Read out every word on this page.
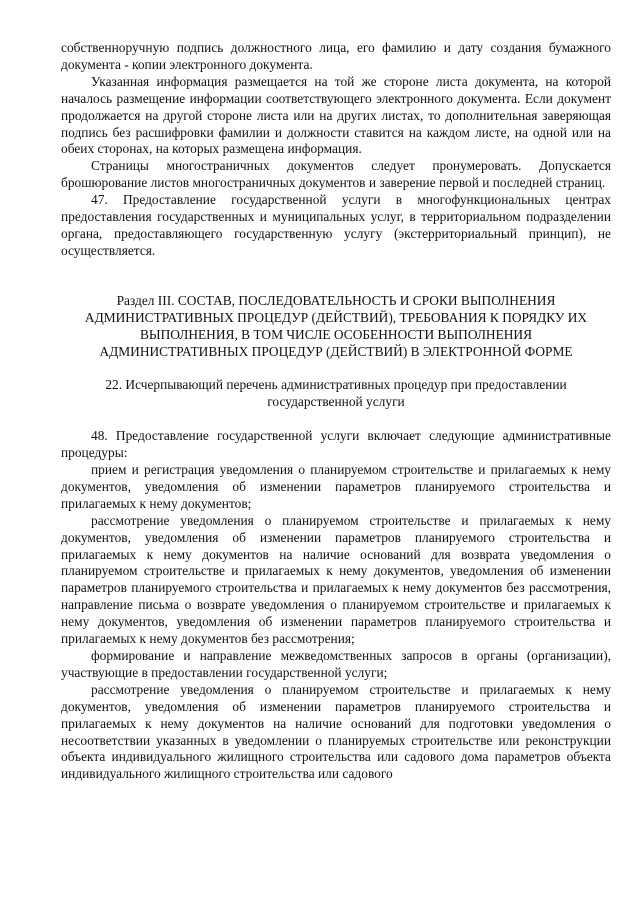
собственноручную подпись должностного лица, его фамилию и дату создания бумажного документа - копии электронного документа.

Указанная информация размещается на той же стороне листа документа, на которой началось размещение информации соответствующего электронного документа. Если документ продолжается на другой стороне листа или на других листах, то дополнительная заверяющая подпись без расшифровки фамилии и должности ставится на каждом листе, на одной или на обеих сторонах, на которых размещена информация.

Страницы многостраничных документов следует пронумеровать. Допускается брошюрование листов многостраничных документов и заверение первой и последней страниц.

47. Предоставление государственной услуги в многофункциональных центрах предоставления государственных и муниципальных услуг, в территориальном подразделении органа, предоставляющего государственную услугу (экстерриториальный принцип), не осуществляется.

Раздел III. СОСТАВ, ПОСЛЕДОВАТЕЛЬНОСТЬ И СРОКИ ВЫПОЛНЕНИЯ АДМИНИСТРАТИВНЫХ ПРОЦЕДУР (ДЕЙСТВИЙ), ТРЕБОВАНИЯ К ПОРЯДКУ ИХ ВЫПОЛНЕНИЯ, В ТОМ ЧИСЛЕ ОСОБЕННОСТИ ВЫПОЛНЕНИЯ АДМИНИСТРАТИВНЫХ ПРОЦЕДУР (ДЕЙСТВИЙ) В ЭЛЕКТРОННОЙ ФОРМЕ
22. Исчерпывающий перечень административных процедур при предоставлении государственной услуги

48. Предоставление государственной услуги включает следующие административные процедуры:

прием и регистрация уведомления о планируемом строительстве и прилагаемых к нему документов, уведомления об изменении параметров планируемого строительства и прилагаемых к нему документов;

рассмотрение уведомления о планируемом строительстве и прилагаемых к нему документов, уведомления об изменении параметров планируемого строительства и прилагаемых к нему документов на наличие оснований для возврата уведомления о планируемом строительстве и прилагаемых к нему документов, уведомления об изменении параметров планируемого строительства и прилагаемых к нему документов без рассмотрения, направление письма о возврате уведомления о планируемом строительстве и прилагаемых к нему документов, уведомления об изменении параметров планируемого строительства и прилагаемых к нему документов без рассмотрения;

формирование и направление межведомственных запросов в органы (организации), участвующие в предоставлении государственной услуги;

рассмотрение уведомления о планируемом строительстве и прилагаемых к нему документов, уведомления об изменении параметров планируемого строительства и прилагаемых к нему документов на наличие оснований для подготовки уведомления о несоответствии указанных в уведомлении о планируемых строительстве или реконструкции объекта индивидуального жилищного строительства или садового дома параметров объекта индивидуального жилищного строительства или садового
